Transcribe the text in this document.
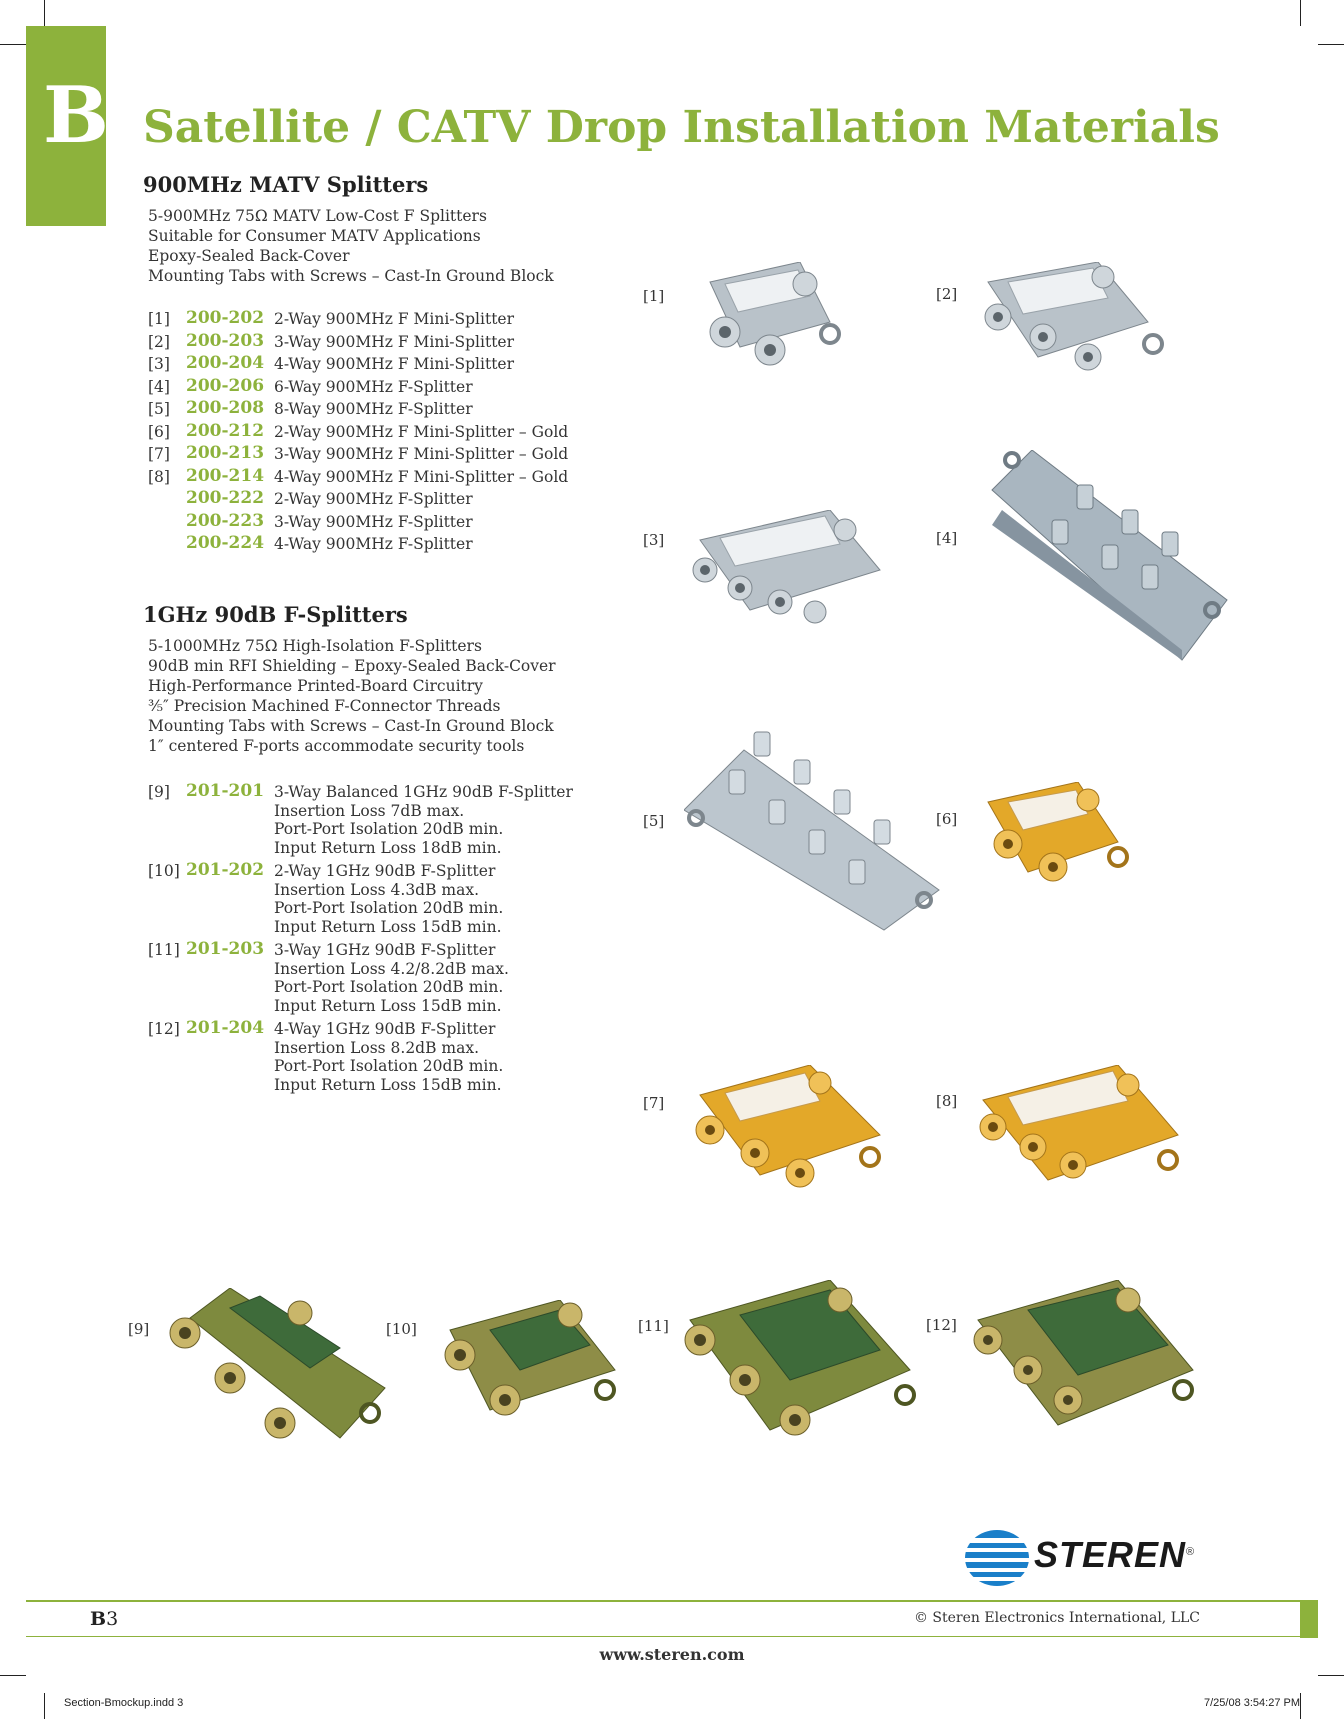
B Satellite / CATV Drop Installation Materials
900MHz MATV Splitters
5-900MHz 75Ω MATV Low-Cost F Splitters
Suitable for Consumer MATV Applications
Epoxy-Sealed Back-Cover
Mounting Tabs with Screws – Cast-In Ground Block
[1] 200-202 2-Way 900MHz F Mini-Splitter
[2] 200-203 3-Way 900MHz F Mini-Splitter
[3] 200-204 4-Way 900MHz F Mini-Splitter
[4] 200-206 6-Way 900MHz F-Splitter
[5] 200-208 8-Way 900MHz F-Splitter
[6] 200-212 2-Way 900MHz F Mini-Splitter – Gold
[7] 200-213 3-Way 900MHz F Mini-Splitter – Gold
[8] 200-214 4-Way 900MHz F Mini-Splitter – Gold
200-222 2-Way 900MHz F-Splitter
200-223 3-Way 900MHz F-Splitter
200-224 4-Way 900MHz F-Splitter
1GHz 90dB F-Splitters
5-1000MHz 75Ω High-Isolation F-Splitters
90dB min RFI Shielding – Epoxy-Sealed Back-Cover
High-Performance Printed-Board Circuitry
⅗″ Precision Machined F-Connector Threads
Mounting Tabs with Screws – Cast-In Ground Block
1″ centered F-ports accommodate security tools
[9] 201-201 3-Way Balanced 1GHz 90dB F-Splitter
Insertion Loss 7dB max.
Port-Port Isolation 20dB min.
Input Return Loss 18dB min.
[10] 201-202 2-Way 1GHz 90dB F-Splitter
Insertion Loss 4.3dB max.
Port-Port Isolation 20dB min.
Input Return Loss 15dB min.
[11] 201-203 3-Way 1GHz 90dB F-Splitter
Insertion Loss 4.2/8.2dB max.
Port-Port Isolation 20dB min.
Input Return Loss 15dB min.
[12] 201-204 4-Way 1GHz 90dB F-Splitter
Insertion Loss 8.2dB max.
Port-Port Isolation 20dB min.
Input Return Loss 15dB min.
[1]	[2]
[3]	[4]
[5]	[6]
[7]	[8]
[9]	[10]	[11]	[12]
STEREN ®
B3	© Steren Electronics International, LLC
www.steren.com
Section-Bmockup.indd 3	7/25/08 3:54:27 PM
